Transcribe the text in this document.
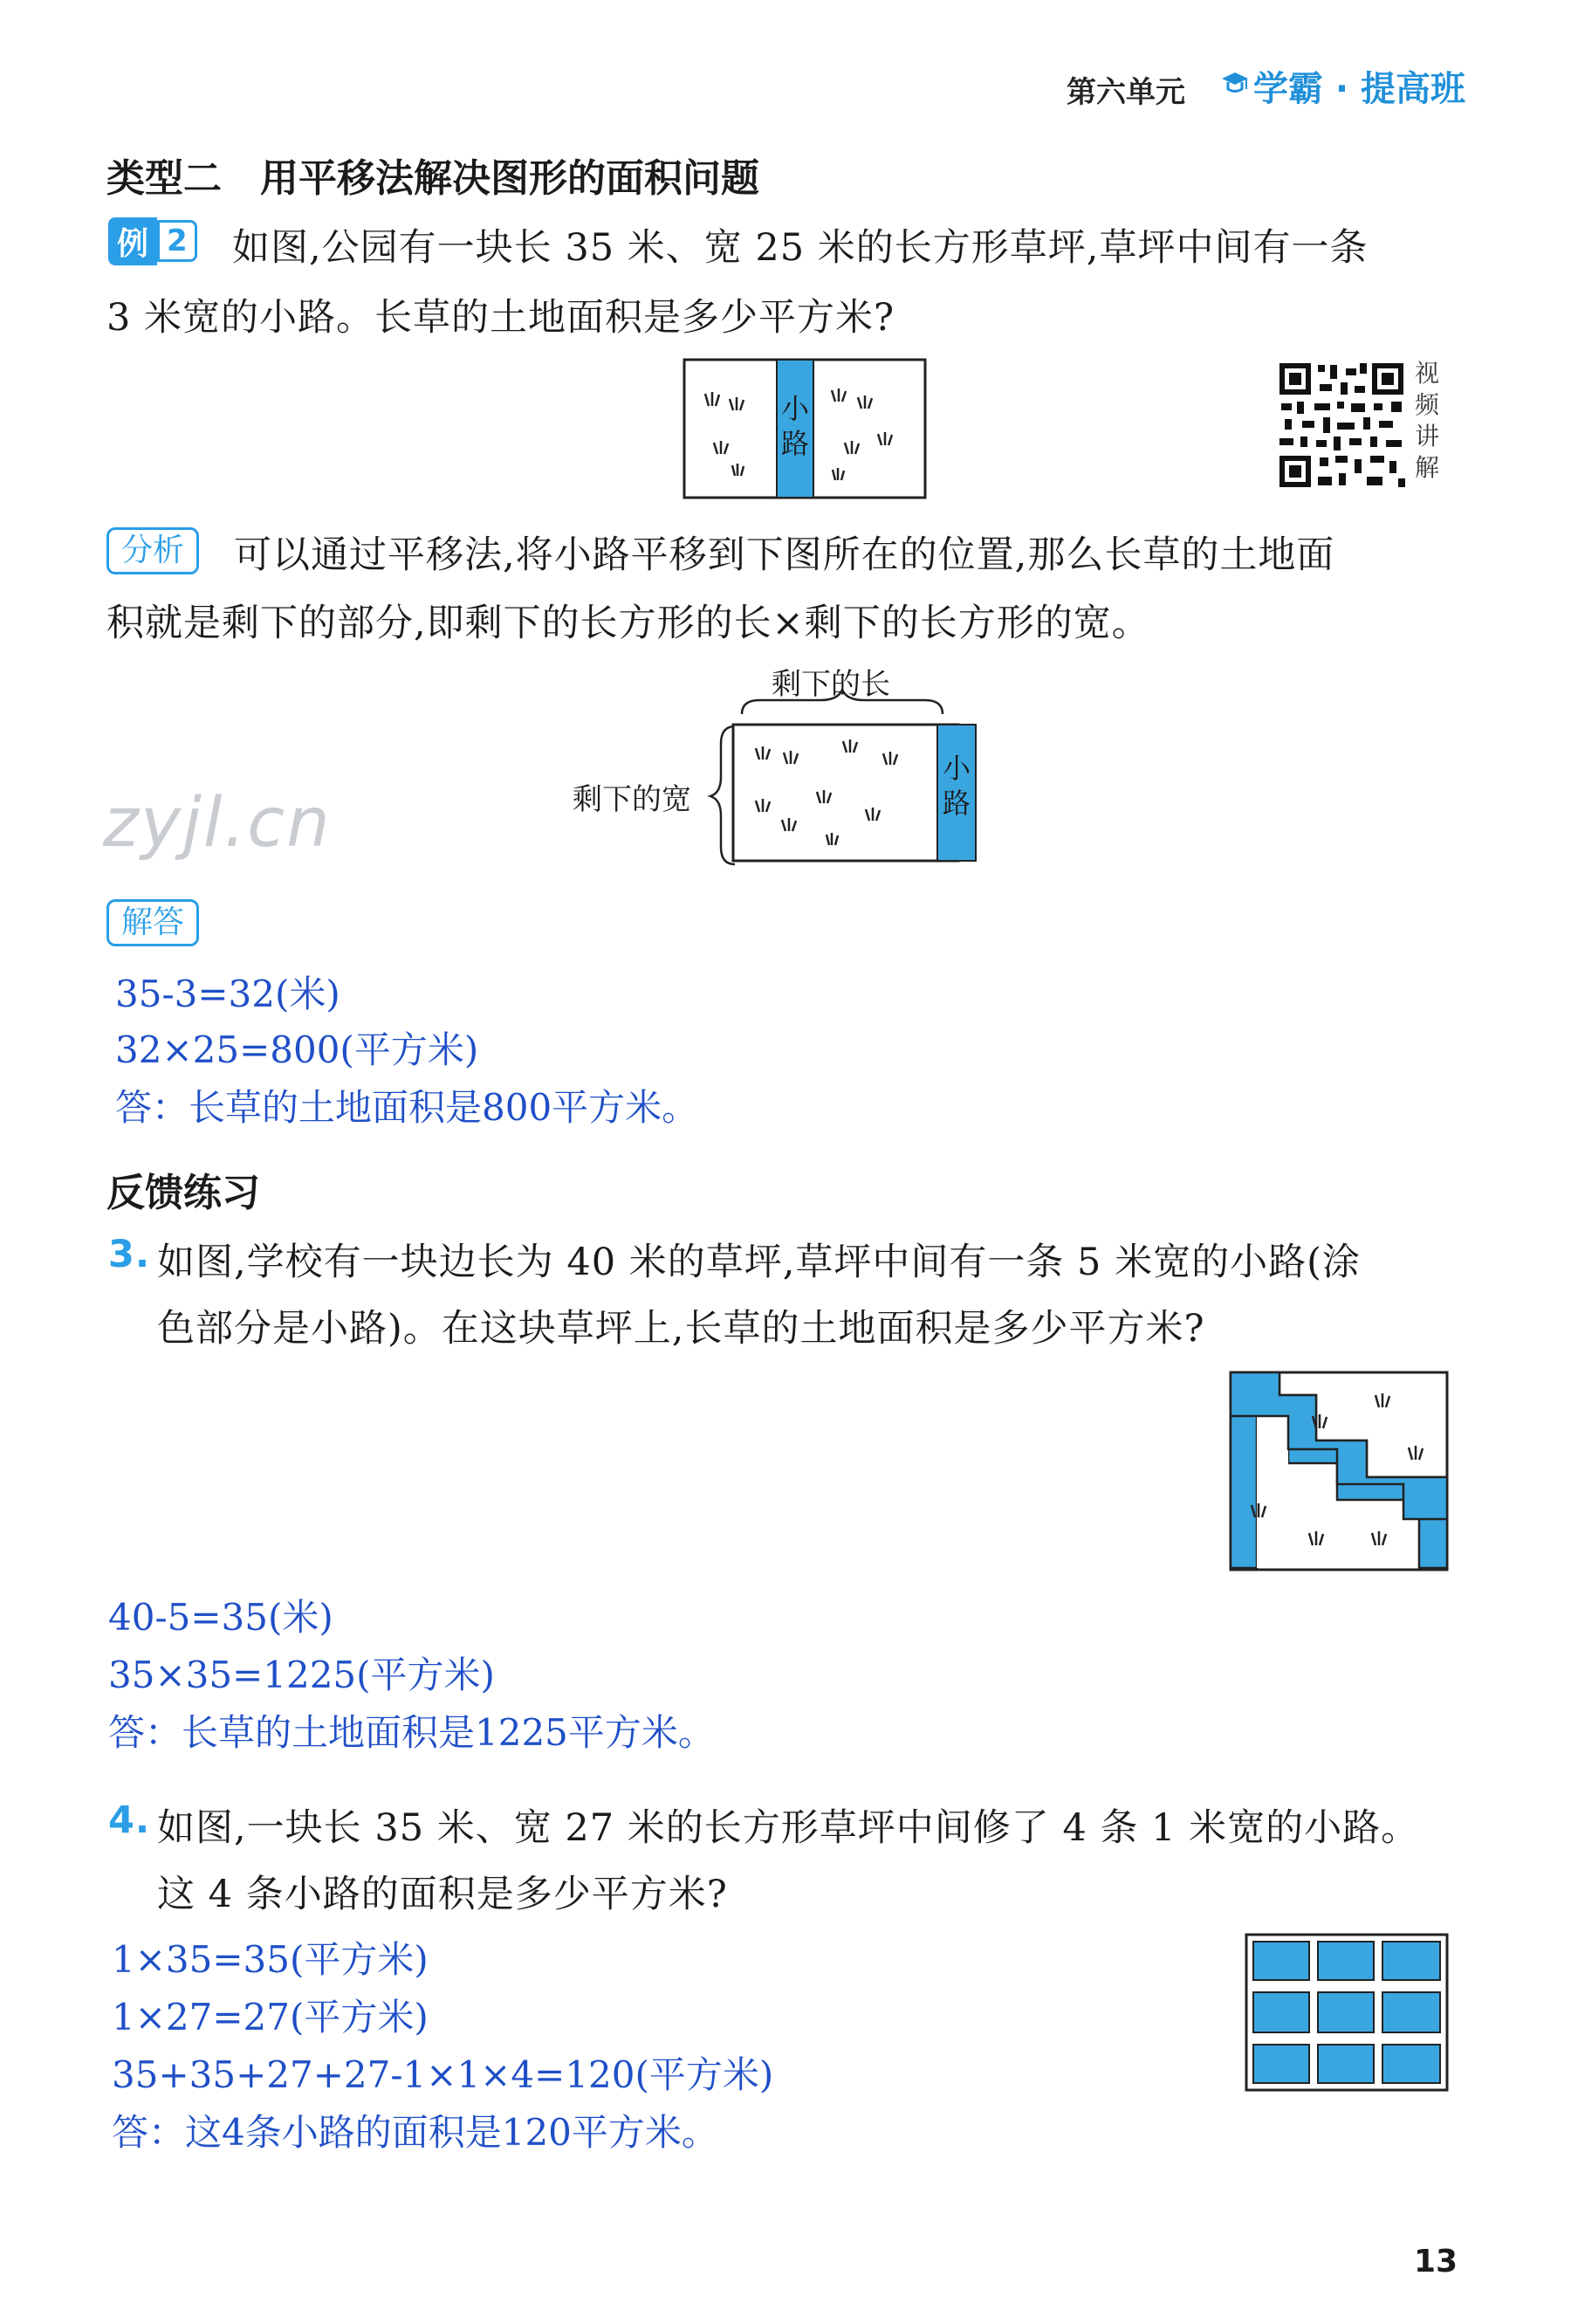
第六单元 学霸 · 提高班
类型二　用平移法解决图形的面积问题
例 2 如图,公园有一块长 35 米、宽 25 米的长方形草坪,草坪中间有一条
3 米宽的小路。长草的土地面积是多少平方米?
小路
视
频
讲
解
分析	可以通过平移法,将小路平移到下图所在的位置,那么长草的土地面
积就是剩下的部分,即剩下的长方形的长×剩下的长方形的宽。
剩下的长
剩下的宽
小路
zyjl.cn
解答
35-3=32(米)
32×25=800(平方米)
答：长草的土地面积是800平方米。
反馈练习
3. 如图,学校有一块边长为 40 米的草坪,草坪中间有一条 5 米宽的小路(涂
色部分是小路)。在这块草坪上,长草的土地面积是多少平方米?
40-5=35(米)
35×35=1225(平方米)
答：长草的土地面积是1225平方米。
4. 如图,一块长 35 米、宽 27 米的长方形草坪中间修了 4 条 1 米宽的小路。
这 4 条小路的面积是多少平方米?
1×35=35(平方米)
1×27=27(平方米)
35+35+27+27-1×1×4=120(平方米)
答：这4条小路的面积是120平方米。
13
